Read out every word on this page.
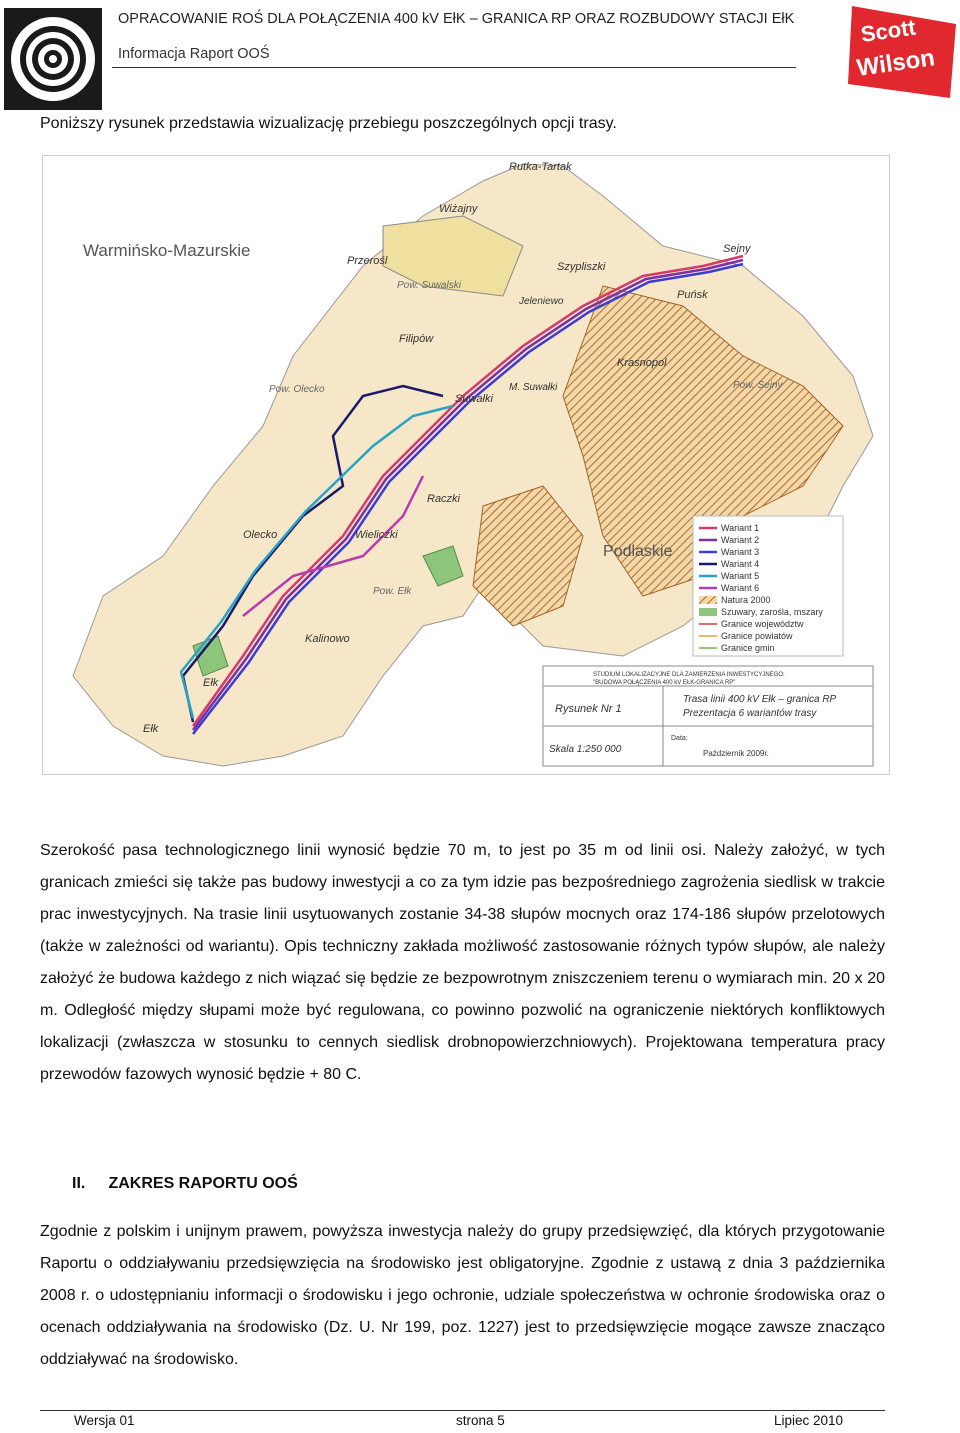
OPRACOWANIE ROŚ DLA POŁĄCZENIA 400 kV EłK – GRANICA RP ORAZ ROZBUDOWY STACJI EłK
Informacja Raport OOŚ
Scott
Wilson
Poniższy rysunek przedstawia wizualizację przebiegu poszczególnych opcji trasy.
Wariant 1
Wariant 2
Wariant 3
Wariant 4
Wariant 5
Wariant 6
Natura 2000
Szuwary, zarośla, mszary
Granice województw
Granice powiatów
Granice gmin
STUDIUM LOKALIZACYJNE DLA ZAMIERZENIA INWESTYCYJNEGO:
"BUDOWA POŁĄCZENIA 400 kV EŁK-GRANICA RP"
Rysunek Nr 1
Trasa linii 400 kV Ełk – granica RP
Prezentacja 6 wariantów trasy
Skala 1:250 000
Data:
Październik 2009r.
Warmińsko-Mazurskie
Podlaskie
Rutka-Tartak
Wiżajny
Przerośl
Pow. Suwalski
Szypliszki
Jeleniewo
Sejny
Puńsk
Filipów
Krasnopol
Pow. Sejny
Pow. Olecko
Suwałki
M. Suwałki
Raczki
Olecko	Wieliczki
Pow. Ełk
Kalinowo
Ełk
Ełk
Szerokość pasa technologicznego linii wynosić będzie 70 m, to jest po 35 m od linii osi. Należy założyć, w tych granicach zmieści się także pas budowy inwestycji a co za tym idzie pas bezpośredniego zagrożenia siedlisk w trakcie prac inwestycyjnych. Na trasie linii usytuowanych zostanie 34-38 słupów mocnych oraz 174-186 słupów przelotowych (także w zależności od wariantu). Opis techniczny zakłada możliwość zastosowanie różnych typów słupów, ale należy założyć że budowa każdego z nich wiązać się będzie ze bezpowrotnym zniszczeniem terenu o wymiarach min. 20 x 20 m. Odległość między słupami może być regulowana, co powinno pozwolić na ograniczenie niektórych konfliktowych lokalizacji (zwłaszcza w stosunku to cennych siedlisk drobnopowierzchniowych). Projektowana temperatura pracy przewodów fazowych wynosić będzie + 80 C.
II. ZAKRES RAPORTU OOŚ
Zgodnie z polskim i unijnym prawem, powyższa inwestycja należy do grupy przedsięwzięć, dla których przygotowanie Raportu o oddziaływaniu przedsięwzięcia na środowisko jest obligatoryjne. Zgodnie z ustawą z dnia 3 października 2008 r. o udostępnianiu informacji o środowisku i jego ochronie, udziale społeczeństwa w ochronie środowiska oraz o ocenach oddziaływania na środowisko (Dz. U. Nr 199, poz. 1227) jest to przedsięwzięcie mogące zawsze znacząco oddziaływać na środowisko.
Wersja 01	strona 5	Lipiec 2010
